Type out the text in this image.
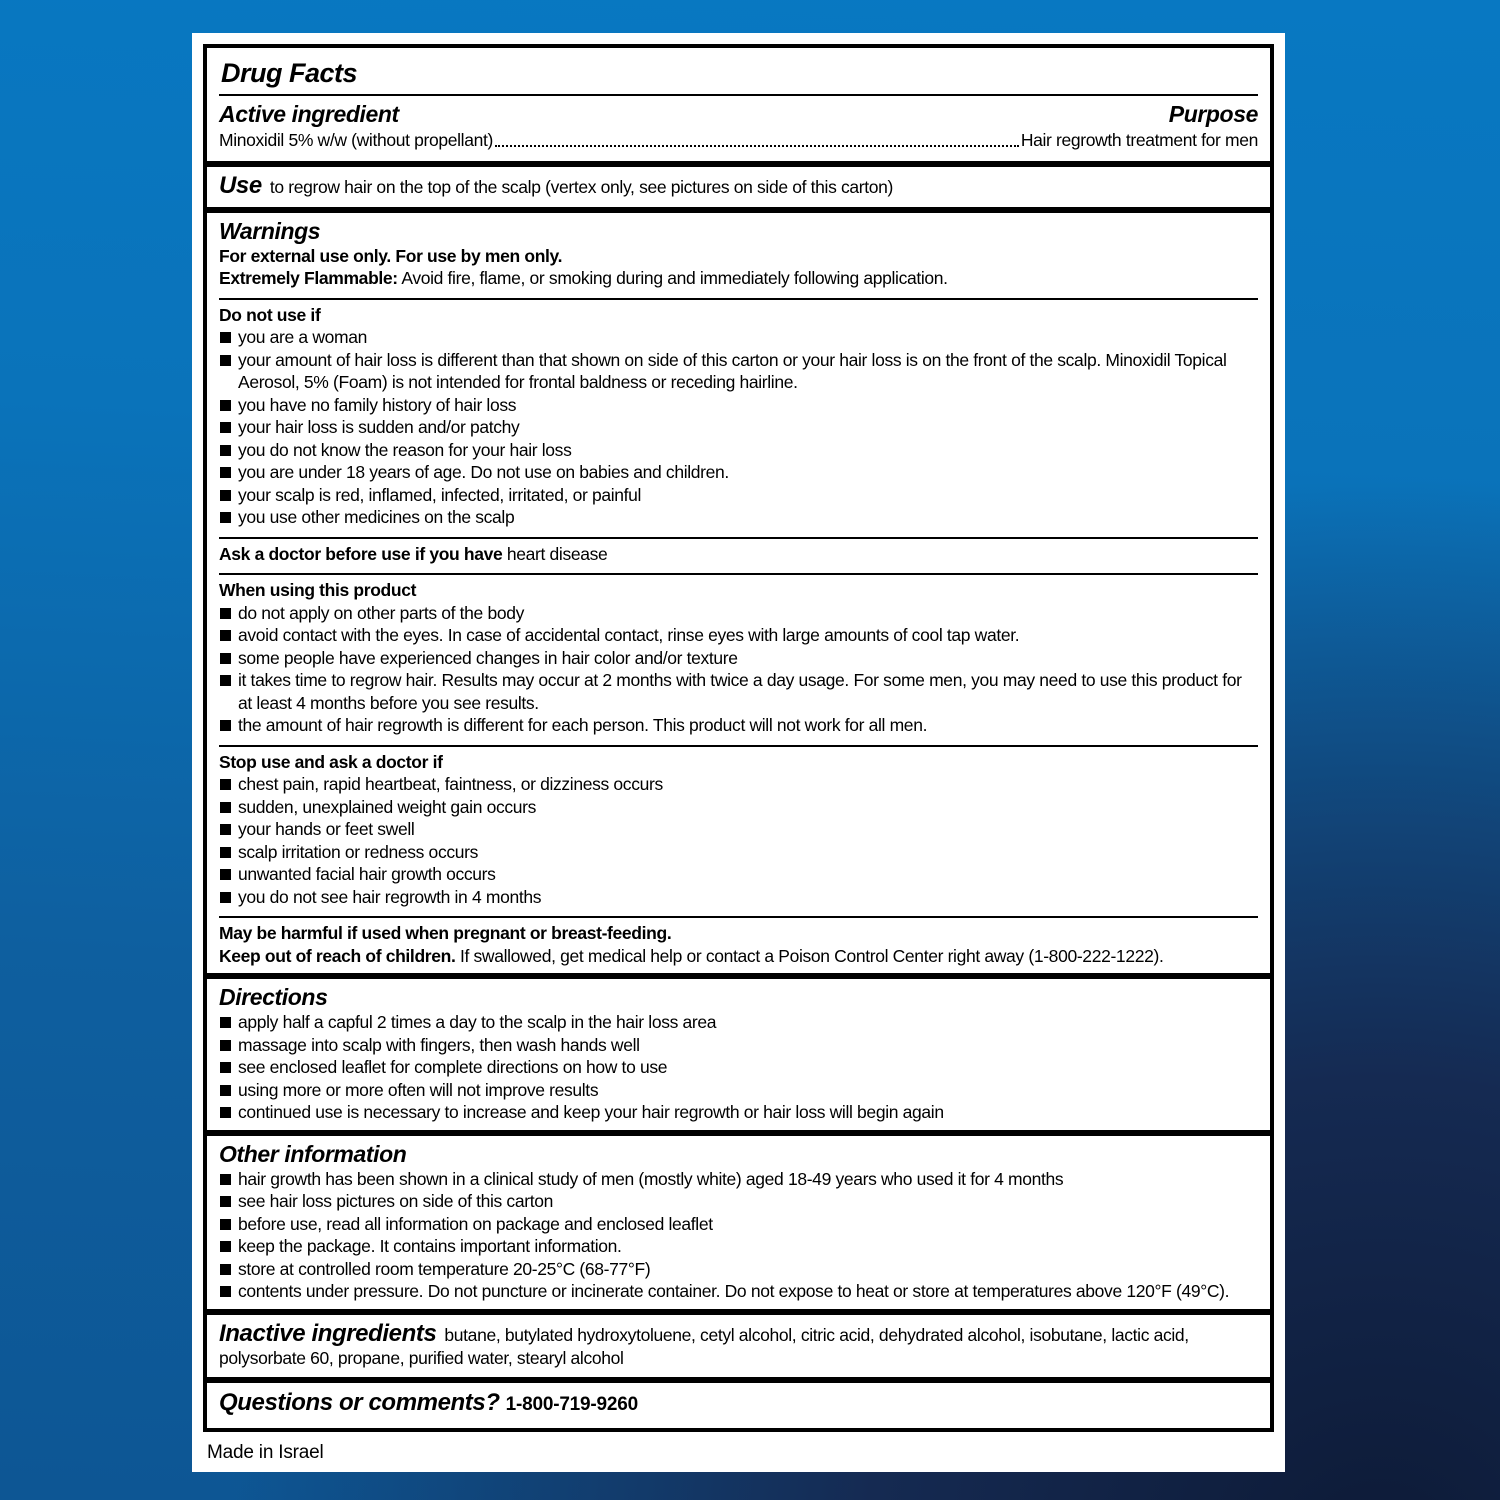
Drug Facts
Active ingredient	Purpose
Minoxidil 5% w/w (without propellant)	Hair regrowth treatment for men
Use to regrow hair on the top of the scalp (vertex only, see pictures on side of this carton)
Warnings
For external use only. For use by men only.
Extremely Flammable: Avoid fire, flame, or smoking during and immediately following application.
Do not use if
you are a woman
your amount of hair loss is different than that shown on side of this carton or your hair loss is on the front of the scalp. Minoxidil Topical Aerosol, 5% (Foam) is not intended for frontal baldness or receding hairline.
you have no family history of hair loss
your hair loss is sudden and/or patchy
you do not know the reason for your hair loss
you are under 18 years of age. Do not use on babies and children.
your scalp is red, inflamed, infected, irritated, or painful
you use other medicines on the scalp
Ask a doctor before use if you have heart disease
When using this product
do not apply on other parts of the body
avoid contact with the eyes. In case of accidental contact, rinse eyes with large amounts of cool tap water.
some people have experienced changes in hair color and/or texture
it takes time to regrow hair. Results may occur at 2 months with twice a day usage. For some men, you may need to use this product for at least 4 months before you see results.
the amount of hair regrowth is different for each person. This product will not work for all men.
Stop use and ask a doctor if
chest pain, rapid heartbeat, faintness, or dizziness occurs
sudden, unexplained weight gain occurs
your hands or feet swell
scalp irritation or redness occurs
unwanted facial hair growth occurs
you do not see hair regrowth in 4 months
May be harmful if used when pregnant or breast-feeding.
Keep out of reach of children. If swallowed, get medical help or contact a Poison Control Center right away (1-800-222-1222).
Directions
apply half a capful 2 times a day to the scalp in the hair loss area
massage into scalp with fingers, then wash hands well
see enclosed leaflet for complete directions on how to use
using more or more often will not improve results
continued use is necessary to increase and keep your hair regrowth or hair loss will begin again
Other information
hair growth has been shown in a clinical study of men (mostly white) aged 18-49 years who used it for 4 months
see hair loss pictures on side of this carton
before use, read all information on package and enclosed leaflet
keep the package. It contains important information.
store at controlled room temperature 20-25°C (68-77°F)
contents under pressure. Do not puncture or incinerate container. Do not expose to heat or store at temperatures above 120°F (49°C).
Inactive ingredients butane, butylated hydroxytoluene, cetyl alcohol, citric acid, dehydrated alcohol, isobutane, lactic acid, polysorbate 60, propane, purified water, stearyl alcohol
Questions or comments? 1-800-719-9260
Made in Israel
